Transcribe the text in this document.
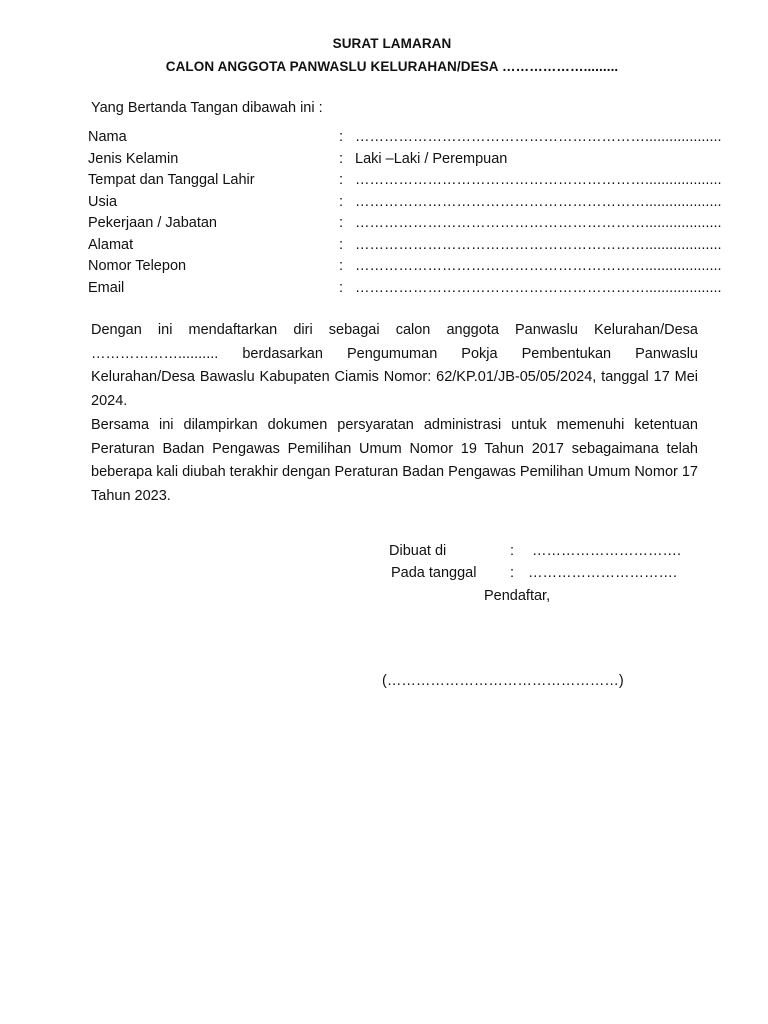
SURAT LAMARAN
CALON ANGGOTA PANWASLU KELURAHAN/DESA ……………….........
Yang Bertanda Tangan dibawah ini :
Nama	: ……………………………………………………...................
Jenis Kelamin	: Laki –Laki / Perempuan
Tempat dan Tanggal Lahir	: ……………………………………………………...................
Usia	: ……………………………………………………...................
Pekerjaan / Jabatan	: ……………………………………………………...................
Alamat	: ……………………………………………………...................
Nomor Telepon	: ……………………………………………………...................
Email	: ……………………………………………………...................
Dengan ini mendaftarkan diri sebagai calon anggota Panwaslu Kelurahan/Desa ……………….......... berdasarkan Pengumuman Pokja Pembentukan Panwaslu Kelurahan/Desa Bawaslu Kabupaten Ciamis Nomor: 62/KP.01/JB-05/05/2024, tanggal 17 Mei 2024.
Bersama ini dilampirkan dokumen persyaratan administrasi untuk memenuhi ketentuan Peraturan Badan Pengawas Pemilihan Umum Nomor 19 Tahun 2017 sebagaimana telah beberapa kali diubah terakhir dengan Peraturan Badan Pengawas Pemilihan Umum Nomor 17 Tahun 2023.
Dibuat di	: ………………………….
Pada tanggal : ………………………….
Pendaftar,
(…………………………………………)
